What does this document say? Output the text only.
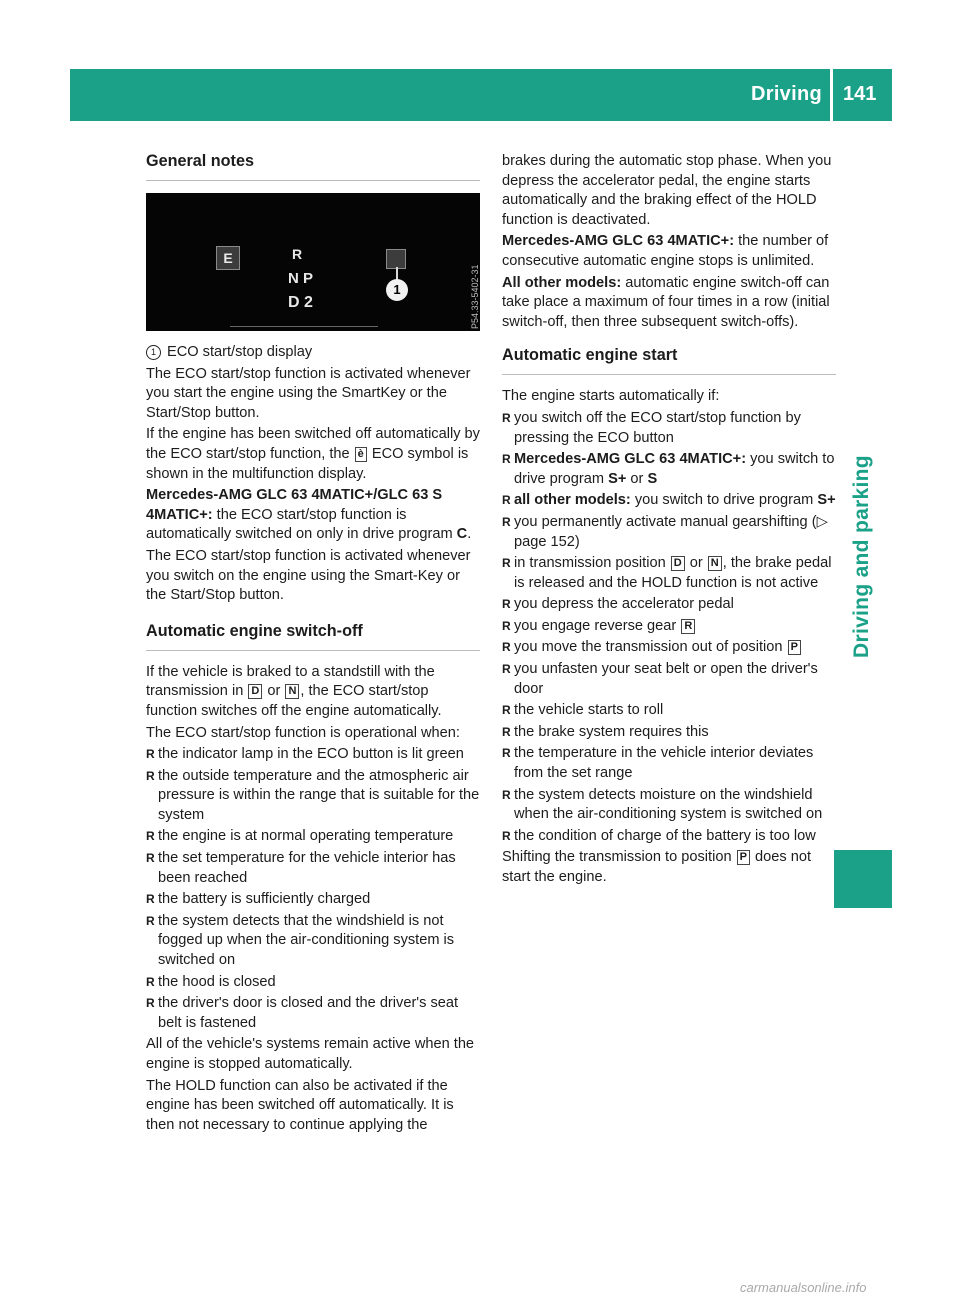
Driving 141
Driving and parking
General notes
E	R
N P
D 2
1	P54.33-5402-31

1 ECO start/stop display

The ECO start/stop function is activated whenever you start the engine using the SmartKey or the Start/Stop button.

If the engine has been switched off automatically by the ECO start/stop function, the è ECO symbol is shown in the multifunction display.

Mercedes-AMG GLC 63 4MATIC+/GLC 63 S 4MATIC+: the ECO start/stop function is automatically switched on only in drive program C.

The ECO start/stop function is activated whenever you switch on the engine using the Smart-Key or the Start/Stop button.

Automatic engine switch-off

If the vehicle is braked to a standstill with the transmission in D or N , the ECO start/stop function switches off the engine automatically.

The ECO start/stop function is operational when:

R the indicator lamp in the ECO button is lit green
R the outside temperature and the atmospheric air pressure is within the range that is suitable for the system
R the engine is at normal operating temperature
R the set temperature for the vehicle interior has been reached
R the battery is sufficiently charged
R the system detects that the windshield is not fogged up when the air-conditioning system is switched on
R the hood is closed
R the driver's door is closed and the driver's seat belt is fastened

All of the vehicle's systems remain active when the engine is stopped automatically.

The HOLD function can also be activated if the engine has been switched off automatically. It is then not necessary to continue applying the

brakes during the automatic stop phase. When you depress the accelerator pedal, the engine starts automatically and the braking effect of the HOLD function is deactivated.

Mercedes-AMG GLC 63 4MATIC+: the number of consecutive automatic engine stops is unlimited.

All other models: automatic engine switch-off can take place a maximum of four times in a row (initial switch-off, then three subsequent switch-offs).

Automatic engine start

The engine starts automatically if:

R you switch off the ECO start/stop function by pressing the ECO button
R Mercedes-AMG GLC 63 4MATIC+: you switch to drive program S+ or S
R all other models: you switch to drive program S+
R you permanently activate manual gearshifting (▷ page 152)
R in transmission position D or N , the brake pedal is released and the HOLD function is not active
R you depress the accelerator pedal
R you engage reverse gear R
R you move the transmission out of position P
R you unfasten your seat belt or open the driver's door
R the vehicle starts to roll
R the brake system requires this
R the temperature in the vehicle interior deviates from the set range
R the system detects moisture on the windshield when the air-conditioning system is switched on
R the condition of charge of the battery is too low

Shifting the transmission to position P does not start the engine.

carmanualsonline.info
